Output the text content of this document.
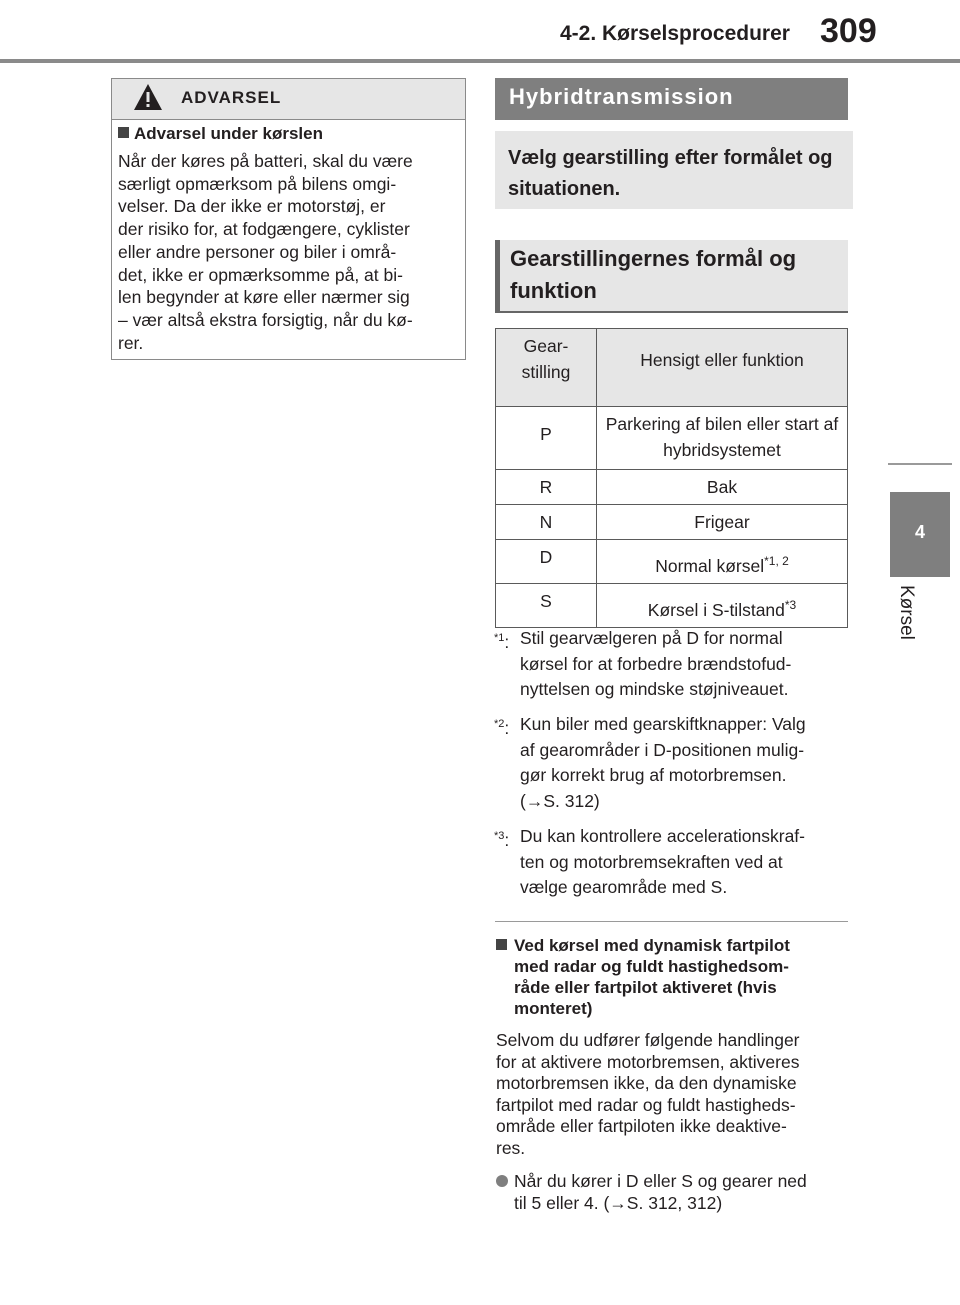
4-2. Kørselsprocedurer 309
4
Kørsel
ADVARSEL
Advarsel under kørslen
Når der køres på batteri, skal du være
særligt opmærksom på bilens omgi-
velser. Da der ikke er motorstøj, er
der risiko for, at fodgængere, cyklister
eller andre personer og biler i områ-
det, ikke er opmærksomme på, at bi-
len begynder at køre eller nærmer sig
– vær altså ekstra forsigtig, når du kø-
rer.
Hybridtransmission
Vælg gearstilling efter formålet og situationen.
Gearstillingernes formål og funktion
Gear-
stilling	Hensigt eller funktion
P	Parkering af bilen eller start af hybridsystemet
R	Bak
N	Frigear
D	Normal kørsel$^{*1, 2}$
S	Kørsel i S-tilstand$^{*3}$
$^{*1}$: Stil gearvælgeren på D for normal
kørsel for at forbedre brændstofud-
nyttelsen og mindske støjniveauet.
$^{*2}$: Kun biler med gearskiftknapper: Valg
af gearområder i D-positionen mulig-
gør korrekt brug af motorbremsen.
(→S. 312)
$^{*3}$: Du kan kontrollere accelerationskraf-
ten og motorbremsekraften ved at
vælge gearområde med S.
Ved kørsel med dynamisk fartpilot
med radar og fuldt hastighedsom-
råde eller fartpilot aktiveret (hvis
monteret)
Selvom du udfører følgende handlinger
for at aktivere motorbremsen, aktiveres
motorbremsen ikke, da den dynamiske
fartpilot med radar og fuldt hastigheds-
område eller fartpiloten ikke deaktive-
res.
Når du kører i D eller S og gearer ned
til 5 eller 4. (→S. 312, 312)
